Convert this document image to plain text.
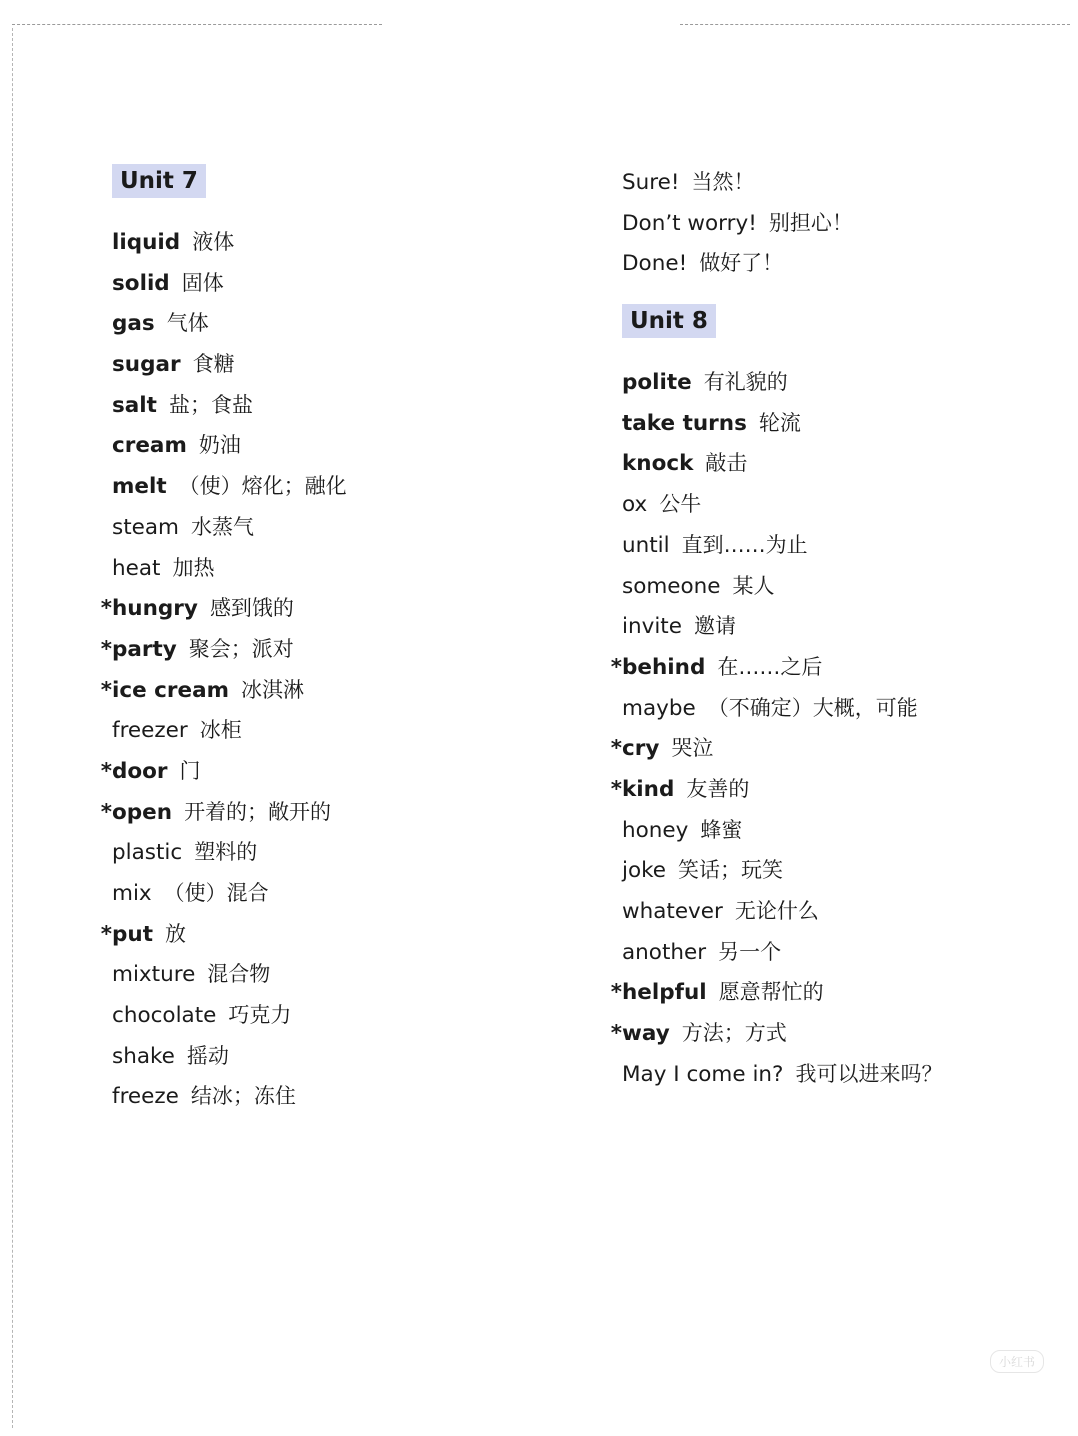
Unit 7
liquid 液体
solid 固体
gas 气体
sugar 食糖
salt 盐；食盐
cream 奶油
melt （使）熔化；融化
steam 水蒸气
heat 加热
*hungry 感到饿的
*party 聚会；派对
*ice cream 冰淇淋
freezer 冰柜
*door 门
*open 开着的；敞开的
plastic 塑料的
mix （使）混合
*put 放
mixture 混合物
chocolate 巧克力
shake 摇动
freeze 结冰；冻住
Sure! 当然！
Don’t worry! 别担心！
Done! 做好了！
Unit 8
polite 有礼貌的
take turns 轮流
knock 敲击
ox 公牛
until 直到……为止
someone 某人
invite 邀请
*behind 在……之后
maybe （不确定）大概，可能
*cry 哭泣
*kind 友善的
honey 蜂蜜
joke 笑话；玩笑
whatever 无论什么
another 另一个
*helpful 愿意帮忙的
*way 方法；方式
May I come in? 我可以进来吗？
小红书
